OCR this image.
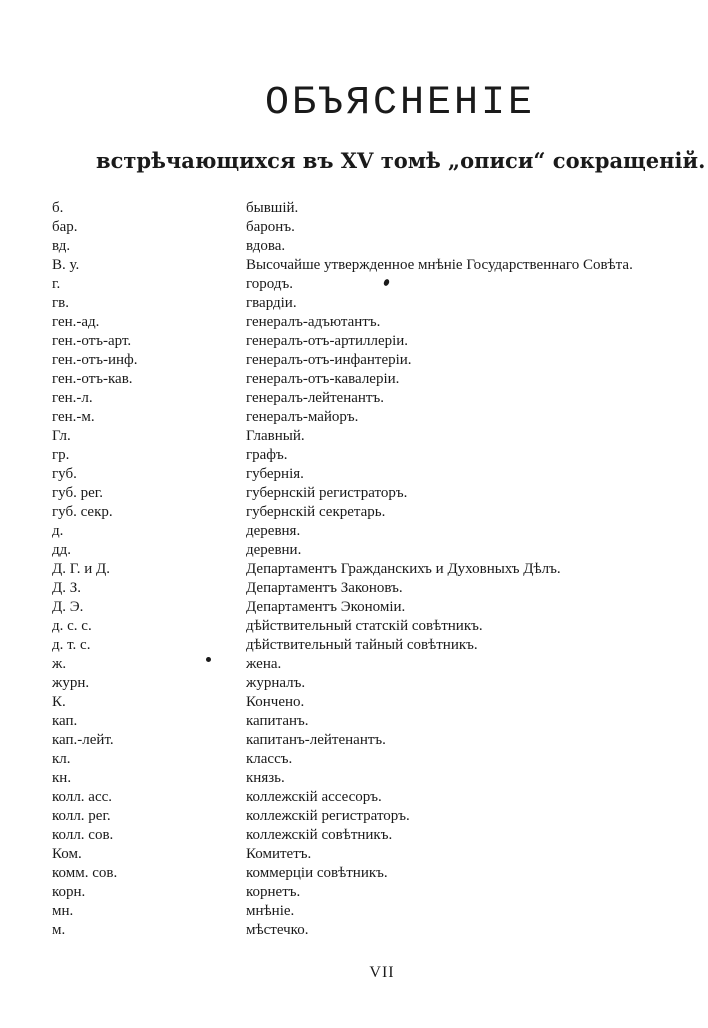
ОБЪЯСНЕНІЕ
встрѣчающихся въ XV томѣ „описи“ сокращеній.
б.	бывшій.
бар.	баронъ.
вд.	вдова.
В. у.	Высочайше утвержденное мнѣніе Государственнаго Совѣта.
г.	городъ.
гв.	гвардіи.
ген.-ад.	генералъ-адъютантъ.
ген.-отъ-арт.	генералъ-отъ-артиллеріи.
ген.-отъ-инф.	генералъ-отъ-инфантеріи.
ген.-отъ-кав.	генералъ-отъ-кавалеріи.
ген.-л.	генералъ-лейтенантъ.
ген.-м.	генералъ-майоръ.
Гл.	Главный.
гр.	графъ.
губ.	губернія.
губ. рег.	губернскій регистраторъ.
губ. секр.	губернскій секретарь.
д.	деревня.
дд.	деревни.
Д. Г. и Д.	Департаментъ Гражданскихъ и Духовныхъ Дѣлъ.
Д. З.	Департаментъ Законовъ.
Д. Э.	Департаментъ Экономіи.
д. с. с.	дѣйствительный статскій совѣтникъ.
д. т. с.	дѣйствительный тайный совѣтникъ.
ж.	жена.
журн.	журналъ.
К.	Кончено.
кап.	капитанъ.
кап.-лейт.	капитанъ-лейтенантъ.
кл.	классъ.
кн.	князь.
колл. асс.	коллежскій ассесоръ.
колл. рег.	коллежскій регистраторъ.
колл. сов.	коллежскій совѣтникъ.
Ком.	Комитетъ.
комм. сов.	коммерціи совѣтникъ.
корн.	корнетъ.
мн.	мнѣніе.
м.	мѣстечко.
VII
